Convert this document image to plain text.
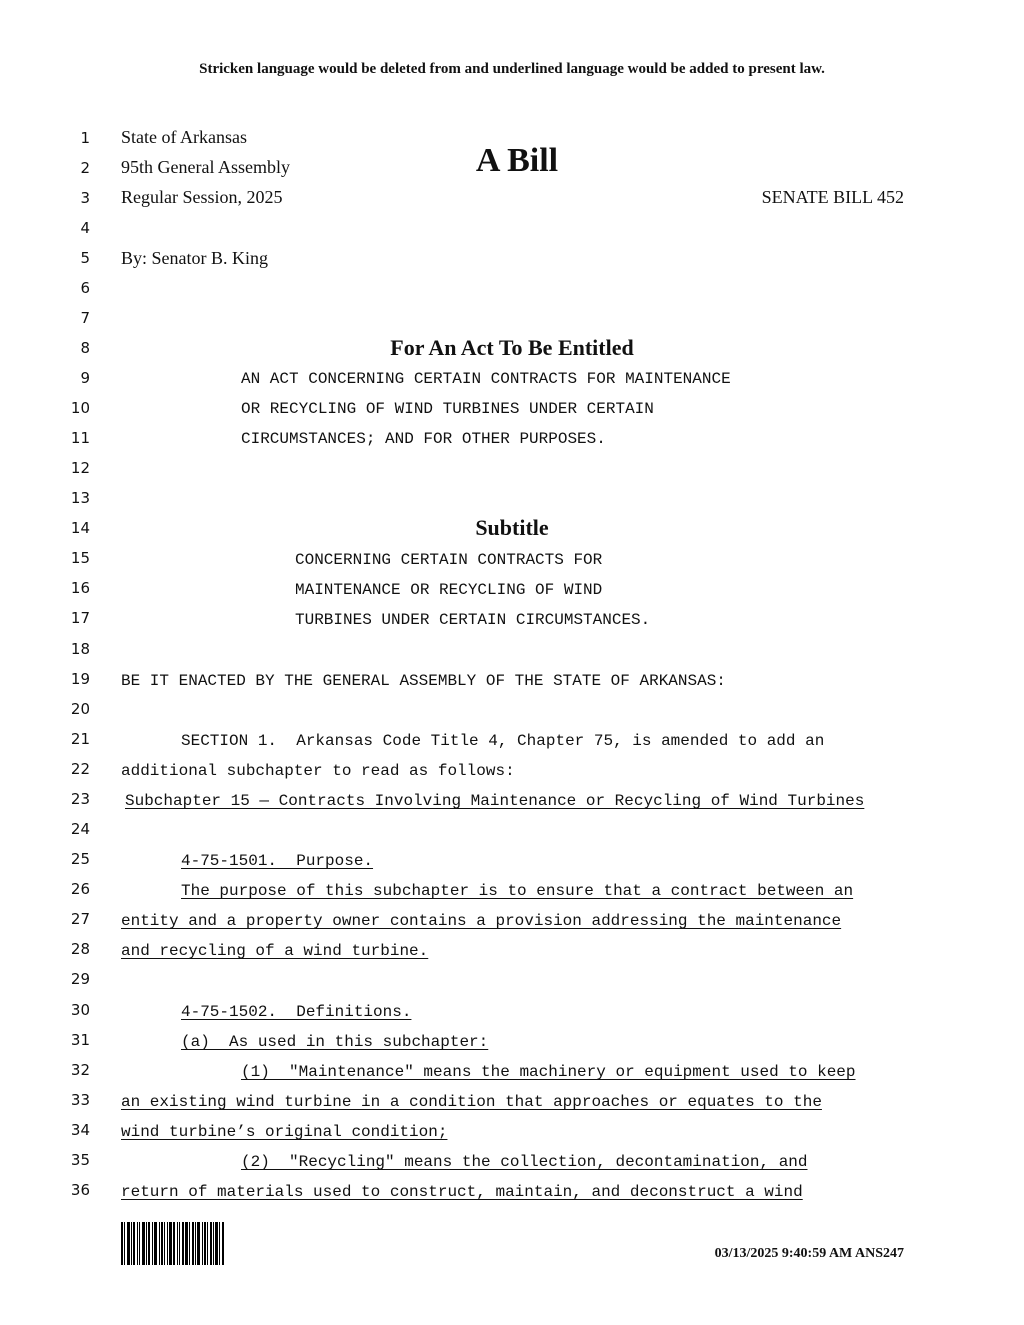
Stricken language would be deleted from and underlined language would be added to present law.
1
2
3
4
5
6
7
8
9
10
11
12
13
14
15
16
17
18
19
20
21
22
23
24
25
26
27
28
29
30
31
32
33
34
35
36
State of Arkansas
95th General Assembly
Regular Session, 2025
A Bill
SENATE BILL 452
By: Senator B. King
For An Act To Be Entitled
AN ACT CONCERNING CERTAIN CONTRACTS FOR MAINTENANCE
OR RECYCLING OF WIND TURBINES UNDER CERTAIN
CIRCUMSTANCES; AND FOR OTHER PURPOSES.
Subtitle
CONCERNING CERTAIN CONTRACTS FOR
MAINTENANCE OR RECYCLING OF WIND
TURBINES UNDER CERTAIN CIRCUMSTANCES.
BE IT ENACTED BY THE GENERAL ASSEMBLY OF THE STATE OF ARKANSAS:
SECTION 1.  Arkansas Code Title 4, Chapter 75, is amended to add an
additional subchapter to read as follows:
Subchapter 15 — Contracts Involving Maintenance or Recycling of Wind Turbines
4-75-1501.  Purpose.
The purpose of this subchapter is to ensure that a contract between an
entity and a property owner contains a provision addressing the maintenance
and recycling of a wind turbine.
4-75-1502.  Definitions.
(a)  As used in this subchapter:
(1)  "Maintenance" means the machinery or equipment used to keep
an existing wind turbine in a condition that approaches or equates to the
wind turbine’s original condition;
(2)  "Recycling" means the collection, decontamination, and
return of materials used to construct, maintain, and deconstruct a wind
03/13/2025 9:40:59 AM ANS247
